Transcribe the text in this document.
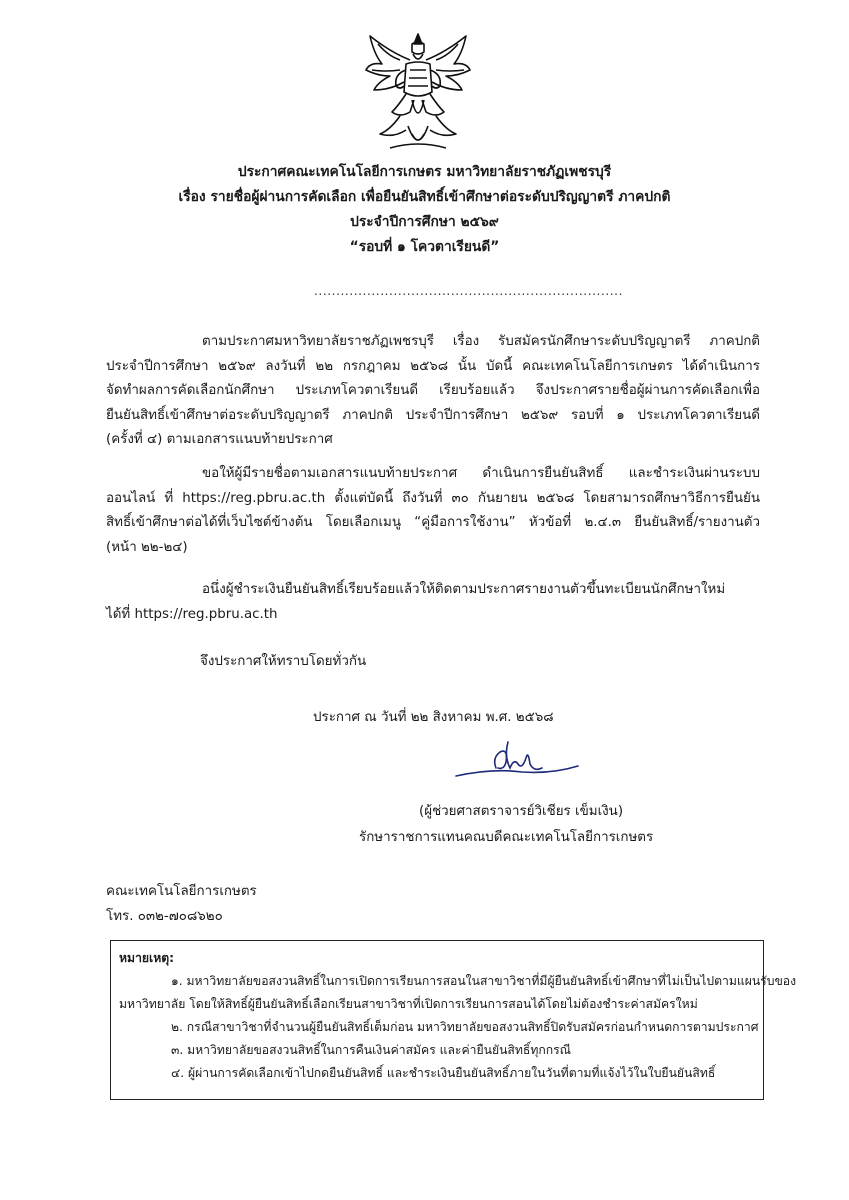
ประกาศคณะเทคโนโลยีการเกษตร มหาวิทยาลัยราชภัฏเพชรบุรี
เรื่อง รายชื่อผู้ผ่านการคัดเลือก เพื่อยืนยันสิทธิ์เข้าศึกษาต่อระดับปริญญาตรี ภาคปกติ
ประจำปีการศึกษา ๒๕๖๙
“รอบที่ ๑ โควตาเรียนดี”
......................................................................
ตามประกาศมหาวิทยาลัยราชภัฏเพชรบุรี เรื่อง รับสมัครนักศึกษาระดับปริญญาตรี ภาคปกติ
ประจำปีการศึกษา ๒๕๖๙ ลงวันที่ ๒๒ กรกฎาคม ๒๕๖๘ นั้น บัดนี้ คณะเทคโนโลยีการเกษตร ได้ดำเนินการ
จัดทำผลการคัดเลือกนักศึกษา ประเภทโควตาเรียนดี เรียบร้อยแล้ว จึงประกาศรายชื่อผู้ผ่านการคัดเลือกเพื่อ
ยืนยันสิทธิ์เข้าศึกษาต่อระดับปริญญาตรี ภาคปกติ ประจำปีการศึกษา ๒๕๖๙ รอบที่ ๑ ประเภทโควตาเรียนดี
(ครั้งที่ ๔) ตามเอกสารแนบท้ายประกาศ
ขอให้ผู้มีรายชื่อตามเอกสารแนบท้ายประกาศ ดำเนินการยืนยันสิทธิ์ และชำระเงินผ่านระบบ
ออนไลน์ ที่ https://reg.pbru.ac.th ตั้งแต่บัดนี้ ถึงวันที่ ๓๐ กันยายน ๒๕๖๘ โดยสามารถศึกษาวิธีการยืนยัน
สิทธิ์เข้าศึกษาต่อได้ที่เว็บไซต์ข้างต้น โดยเลือกเมนู “คู่มือการใช้งาน” หัวข้อที่ ๒.๔.๓ ยืนยันสิทธิ์/รายงานตัว
(หน้า ๒๒-๒๔)
อนึ่งผู้ชำระเงินยืนยันสิทธิ์เรียบร้อยแล้วให้ติดตามประกาศรายงานตัวขึ้นทะเบียนนักศึกษาใหม่
ได้ที่ https://reg.pbru.ac.th
จึงประกาศให้ทราบโดยทั่วกัน
ประกาศ ณ วันที่ ๒๒ สิงหาคม พ.ศ. ๒๕๖๘
(ผู้ช่วยศาสตราจารย์วิเชียร เข็มเงิน)
รักษาราชการแทนคณบดีคณะเทคโนโลยีการเกษตร
คณะเทคโนโลยีการเกษตร
โทร. ๐๓๒-๗๐๘๖๒๐
หมายเหตุ:
๑. มหาวิทยาลัยขอสงวนสิทธิ์ในการเปิดการเรียนการสอนในสาขาวิชาที่มีผู้ยืนยันสิทธิ์เข้าศึกษาที่ไม่เป็นไปตามแผนรับของ
มหาวิทยาลัย โดยให้สิทธิ์ผู้ยืนยันสิทธิ์เลือกเรียนสาขาวิชาที่เปิดการเรียนการสอนได้โดยไม่ต้องชำระค่าสมัครใหม่
๒. กรณีสาขาวิชาที่จำนวนผู้ยืนยันสิทธิ์เต็มก่อน มหาวิทยาลัยขอสงวนสิทธิ์ปิดรับสมัครก่อนกำหนดการตามประกาศ
๓. มหาวิทยาลัยขอสงวนสิทธิ์ในการคืนเงินค่าสมัคร และค่ายืนยันสิทธิ์ทุกกรณี
๔. ผู้ผ่านการคัดเลือกเข้าไปกดยืนยันสิทธิ์ และชำระเงินยืนยันสิทธิ์ภายในวันที่ตามที่แจ้งไว้ในใบยืนยันสิทธิ์
